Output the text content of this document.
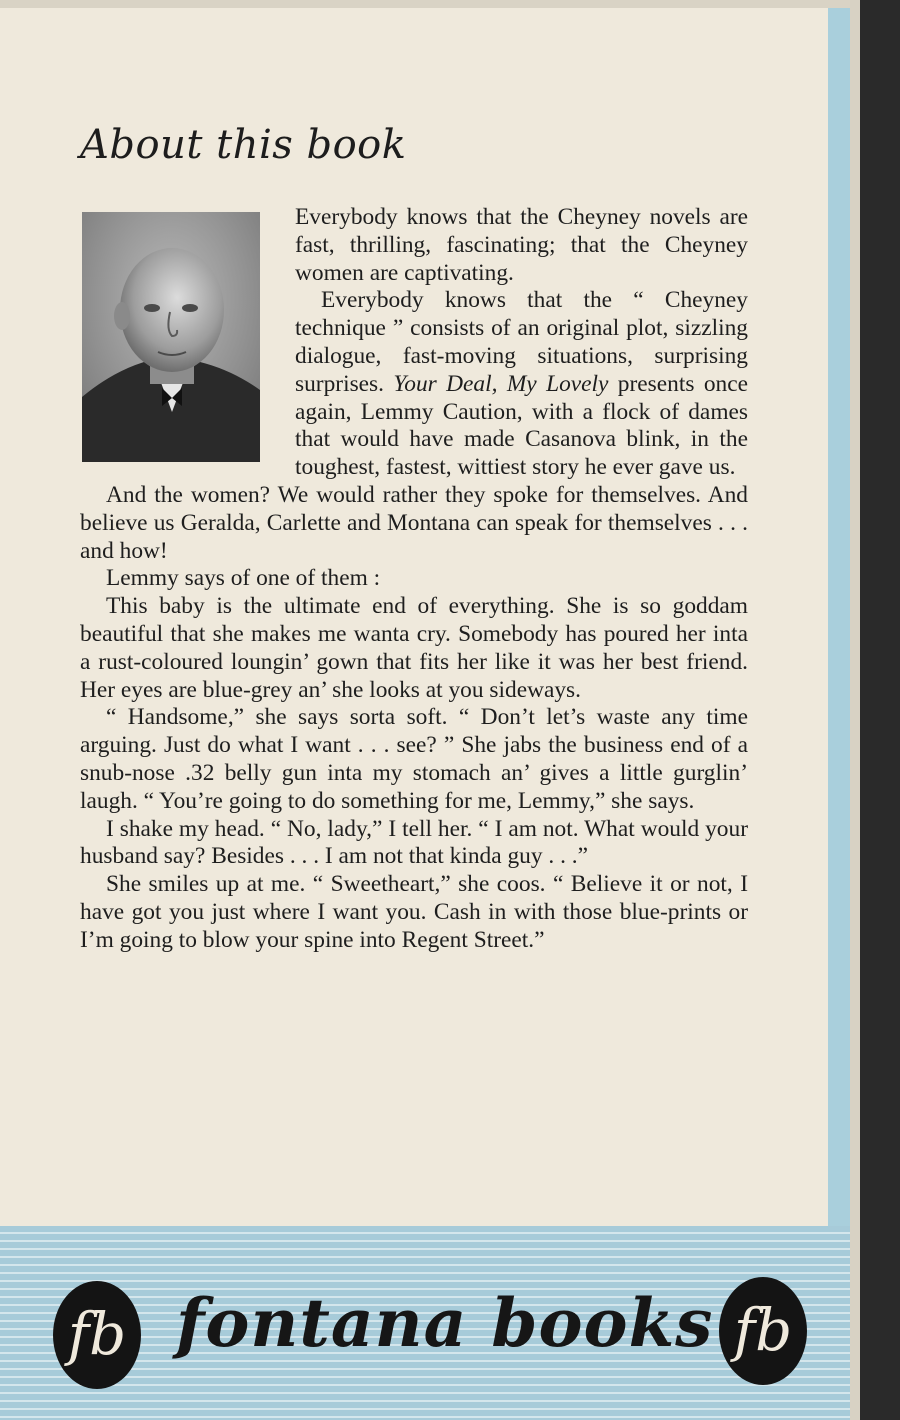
About this book

Everybody knows that the Cheyney novels are fast, thrilling, fascinating; that the Cheyney women are captivating.

Everybody knows that the “ Cheyney technique ” consists of an original plot, sizzling dialogue, fast-moving situations, surprising surprises. Your Deal, My Lovely presents once again, Lemmy Caution, with a flock of dames that would have made Casanova blink, in the toughest, fastest, wittiest story he ever gave us.

And the women? We would rather they spoke for themselves. And believe us Geralda, Carlette and Montana can speak for themselves . . . and how!

Lemmy says of one of them :

This baby is the ultimate end of everything. She is so goddam beautiful that she makes me wanta cry. Somebody has poured her inta a rust-coloured loungin’ gown that fits her like it was her best friend. Her eyes are blue-grey an’ she looks at you sideways.

“ Handsome,” she says sorta soft. “ Don’t let’s waste any time arguing. Just do what I want . . . see? ” She jabs the business end of a snub-nose .32 belly gun inta my stomach an’ gives a little gurglin’ laugh. “ You’re going to do something for me, Lemmy,” she says.

I shake my head. “ No, lady,” I tell her. “ I am not. What would your husband say? Besides . . . I am not that kinda guy . . .”

She smiles up at me. “ Sweetheart,” she coos. “ Believe it or not, I have got you just where I want you. Cash in with those blue-prints or I’m going to blow your spine into Regent Street.”

fb fontana books fb
